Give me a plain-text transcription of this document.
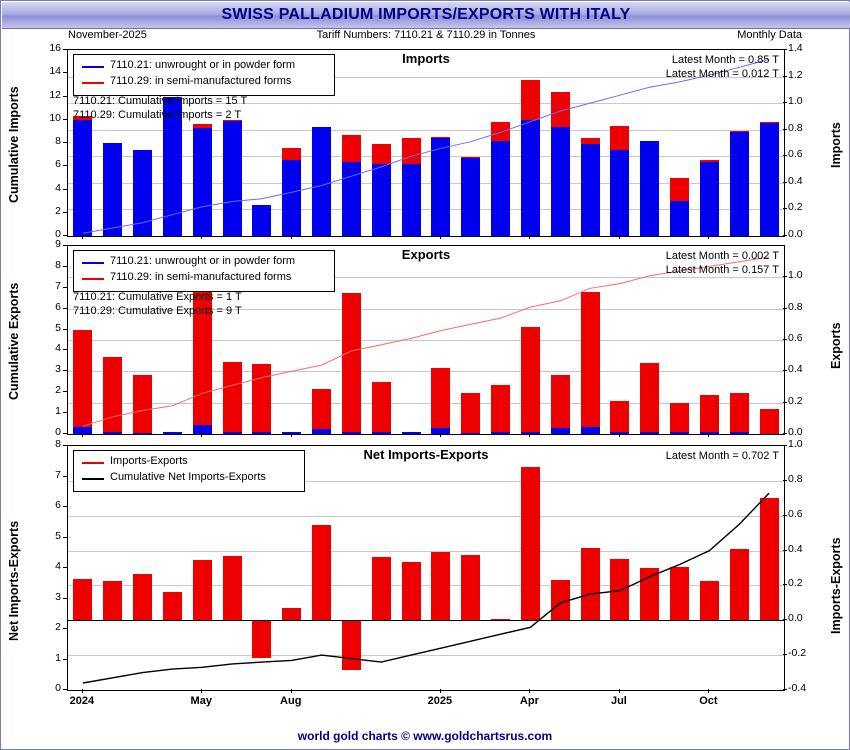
SWISS PALLADIUM IMPORTS/EXPORTS WITH ITALY
November-2025	Tariff Numbers: 7110.21 & 7110.29 in Tonnes	Monthly Data
Cumulative Imports	Imports
Imports
0.0
0.2
0.4
0.6
0.8
1.0
1.2
1.4
0
2
4
6
8
10
12
14
16
7110.21: unwrought or in powder form
7110.29: in semi-manufactured forms
7110.21: Cumulative Imports = 15 T
7110.29: Cumulative Imports = 2 T
Latest Month = 0.85 T
Latest Month = 0.012 T
Cumulative Exports	Exports
Exports
0.0
0.2
0.4
0.6
0.8
1.0
0
1
2
3
4
5
6
7
8
9
7110.21: unwrought or in powder form
7110.29: in semi-manufactured forms
7110.21: Cumulative Exports = 1 T
7110.29: Cumulative Exports = 9 T
Latest Month = 0.002 T
Latest Month = 0.157 T
Net Imports-Exports	Imports-Exports
Net Imports-Exports
-0.4
-0.2
0.0
0.2
0.4
0.6
0.8
1.0
0
1
2
3
4
5
6
7
8
2024	May	Aug	2025	Apr	Jul	Oct
Imports-Exports
Cumulative Net Imports-Exports
Latest Month = 0.702 T
world gold charts © www.goldchartsrus.com
